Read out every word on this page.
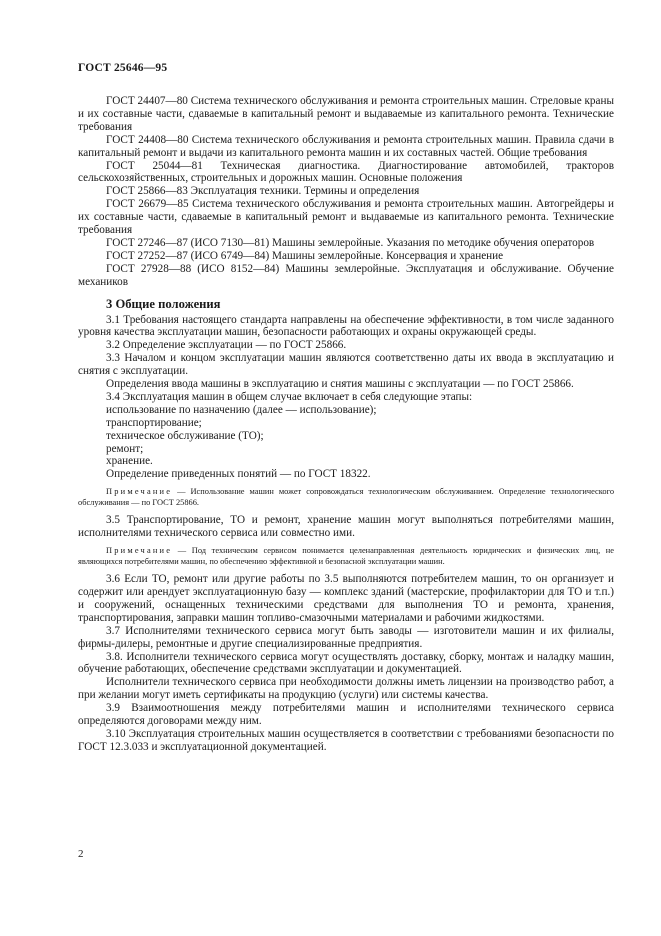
ГОСТ 25646—95

ГОСТ 24407—80 Система технического обслуживания и ремонта строительных машин. Стреловые краны и их составные части, сдаваемые в капитальный ремонт и выдаваемые из капитального ремонта. Технические требования

ГОСТ 24408—80 Система технического обслуживания и ремонта строительных машин. Правила сдачи в капитальный ремонт и выдачи из капитального ремонта машин и их составных частей. Общие требования

ГОСТ 25044—81 Техническая диагностика. Диагностирование автомобилей, тракторов сельскохозяйственных, строительных и дорожных машин. Основные положения

ГОСТ 25866—83 Эксплуатация техники. Термины и определения

ГОСТ 26679—85 Система технического обслуживания и ремонта строительных машин. Автогрейдеры и их составные части, сдаваемые в капитальный ремонт и выдаваемые из капитального ремонта. Технические требования

ГОСТ 27246—87 (ИСО 7130—81) Машины землеройные. Указания по методике обучения операторов

ГОСТ 27252—87 (ИСО 6749—84) Машины землеройные. Консервация и хранение

ГОСТ 27928—88 (ИСО 8152—84) Машины землеройные. Эксплуатация и обслуживание. Обучение механиков

3 Общие положения

3.1 Требования настоящего стандарта направлены на обеспечение эффективности, в том числе заданного уровня качества эксплуатации машин, безопасности работающих и охраны окружающей среды.

3.2 Определение эксплуатации — по ГОСТ 25866.

3.3 Началом и концом эксплуатации машин являются соответственно даты их ввода в эксплуатацию и снятия с эксплуатации.

Определения ввода машины в эксплуатацию и снятия машины с эксплуатации — по ГОСТ 25866.

3.4 Эксплуатация машин в общем случае включает в себя следующие этапы:

использование по назначению (далее — использование);

транспортирование;

техническое обслуживание (ТО);

ремонт;

хранение.

Определение приведенных понятий — по ГОСТ 18322.

Примечание — Использование машин может сопровождаться технологическим обслуживанием. Определение технологического обслуживания — по ГОСТ 25866.

3.5 Транспортирование, ТО и ремонт, хранение машин могут выполняться потребителями машин, исполнителями технического сервиса или совместно ими.

Примечание — Под техническим сервисом понимается целенаправленная деятельность юридических и физических лиц, не являющихся потребителями машин, по обеспечению эффективной и безопасной эксплуатации машин.

3.6 Если ТО, ремонт или другие работы по 3.5 выполняются потребителем машин, то он организует и содержит или арендует эксплуатационную базу — комплекс зданий (мастерские, профилактории для ТО и т.п.) и сооружений, оснащенных техническими средствами для выполнения ТО и ремонта, хранения, транспортирования, заправки машин топливо-смазочными материалами и рабочими жидкостями.

3.7 Исполнителями технического сервиса могут быть заводы — изготовители машин и их филиалы, фирмы-дилеры, ремонтные и другие специализированные предприятия.

3.8. Исполнители технического сервиса могут осуществлять доставку, сборку, монтаж и наладку машин, обучение работающих, обеспечение средствами эксплуатации и документацией.

Исполнители технического сервиса при необходимости должны иметь лицензии на производство работ, а при желании могут иметь сертификаты на продукцию (услуги) или системы качества.

3.9 Взаимоотношения между потребителями машин и исполнителями технического сервиса определяются договорами между ним.

3.10 Эксплуатация строительных машин осуществляется в соответствии с требованиями безопасности по ГОСТ 12.3.033 и эксплуатационной документацией.

2
